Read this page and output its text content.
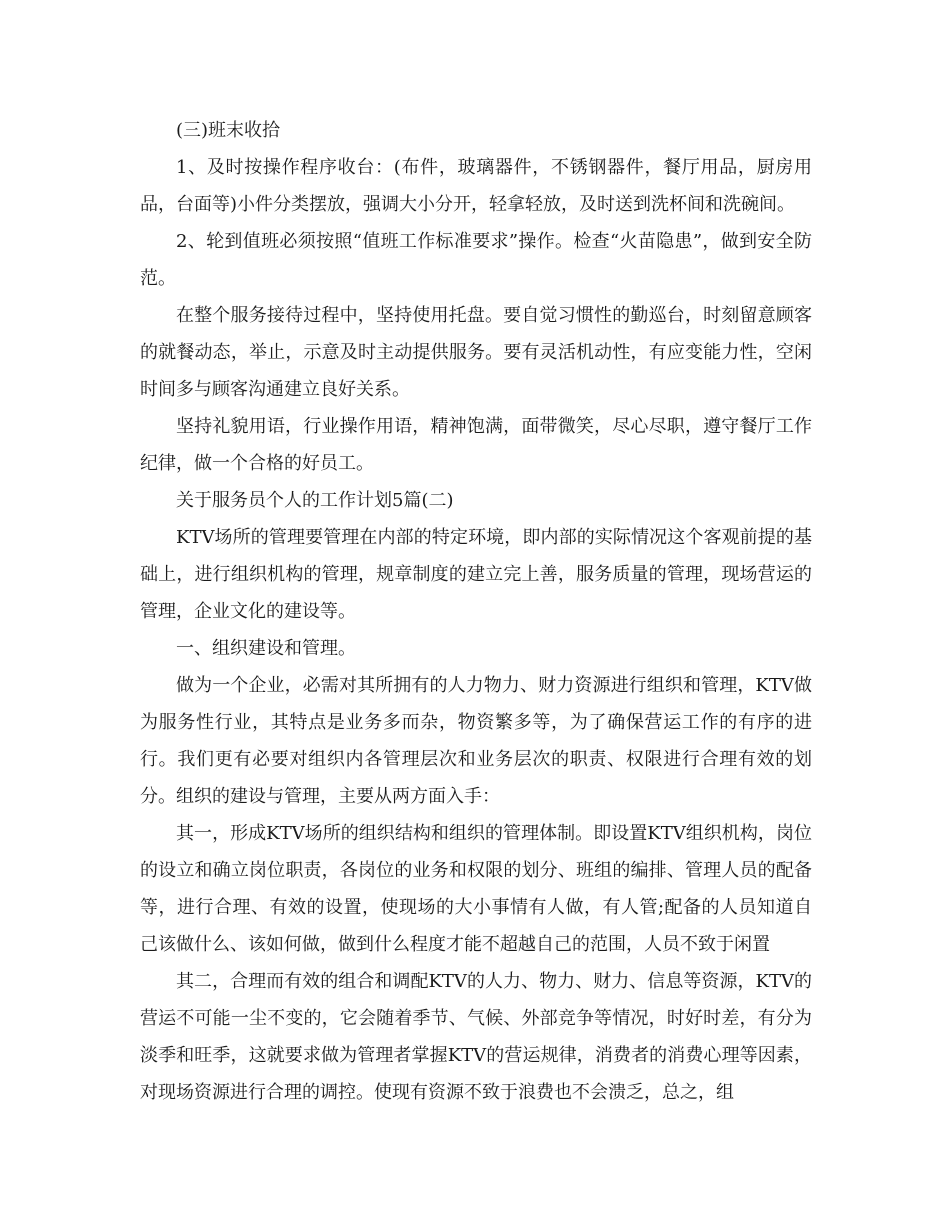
(三)班末收拾

1、及时按操作程序收台：(布件，玻璃器件，不锈钢器件，餐厅用品，厨房用品，台面等)小件分类摆放，强调大小分开，轻拿轻放，及时送到洗杯间和洗碗间。

2、轮到值班必须按照“值班工作标准要求”操作。检查“火苗隐患”，做到安全防范。

在整个服务接待过程中，坚持使用托盘。要自觉习惯性的勤巡台，时刻留意顾客的就餐动态，举止，示意及时主动提供服务。要有灵活机动性，有应变能力性，空闲时间多与顾客沟通建立良好关系。

坚持礼貌用语，行业操作用语，精神饱满，面带微笑，尽心尽职，遵守餐厅工作纪律，做一个合格的好员工。

关于服务员个人的工作计划5篇(二)

KTV场所的管理要管理在内部的特定环境，即内部的实际情况这个客观前提的基础上，进行组织机构的管理，规章制度的建立完上善，服务质量的管理，现场营运的管理，企业文化的建设等。

一、组织建设和管理。

做为一个企业，必需对其所拥有的人力物力、财力资源进行组织和管理，KTV做为服务性行业，其特点是业务多而杂，物资繁多等，为了确保营运工作的有序的进行。我们更有必要对组织内各管理层次和业务层次的职责、权限进行合理有效的划分。组织的建设与管理，主要从两方面入手：

其一，形成KTV场所的组织结构和组织的管理体制。即设置KTV组织机构，岗位的设立和确立岗位职责，各岗位的业务和权限的划分、班组的编排、管理人员的配备等，进行合理、有效的设置，使现场的大小事情有人做，有人管;配备的人员知道自己该做什么、该如何做，做到什么程度才能不超越自己的范围，人员不致于闲置

其二，合理而有效的组合和调配KTV的人力、物力、财力、信息等资源，KTV的营运不可能一尘不变的，它会随着季节、气候、外部竞争等情况，时好时差，有分为淡季和旺季，这就要求做为管理者掌握KTV的营运规律，消费者的消费心理等因素，对现场资源进行合理的调控。使现有资源不致于浪费也不会溃乏，总之，组
